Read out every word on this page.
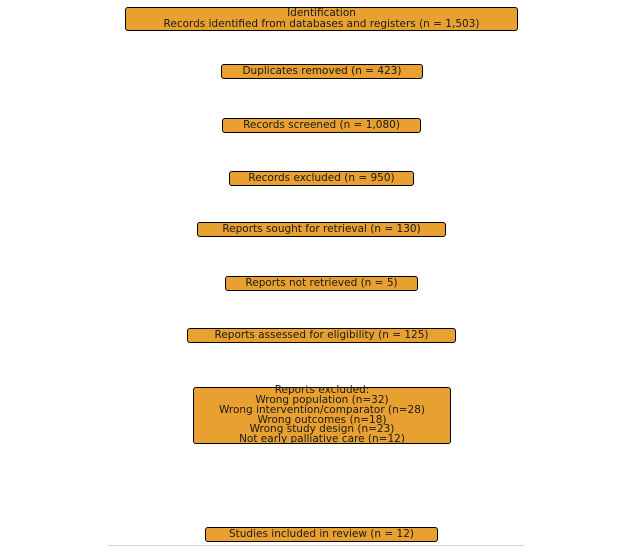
Identification
Records identified from databases and registers (n = 1,503)
Duplicates removed (n = 423)
Records screened (n = 1,080)
Records excluded (n = 950)
Reports sought for retrieval (n = 130)
Reports not retrieved (n = 5)
Reports assessed for eligibility (n = 125)
Reports excluded:
Wrong population (n=32)
Wrong intervention/comparator (n=28)
Wrong outcomes (n=18)
Wrong study design (n=23)
Not early palliative care (n=12)
Studies included in review (n = 12)
